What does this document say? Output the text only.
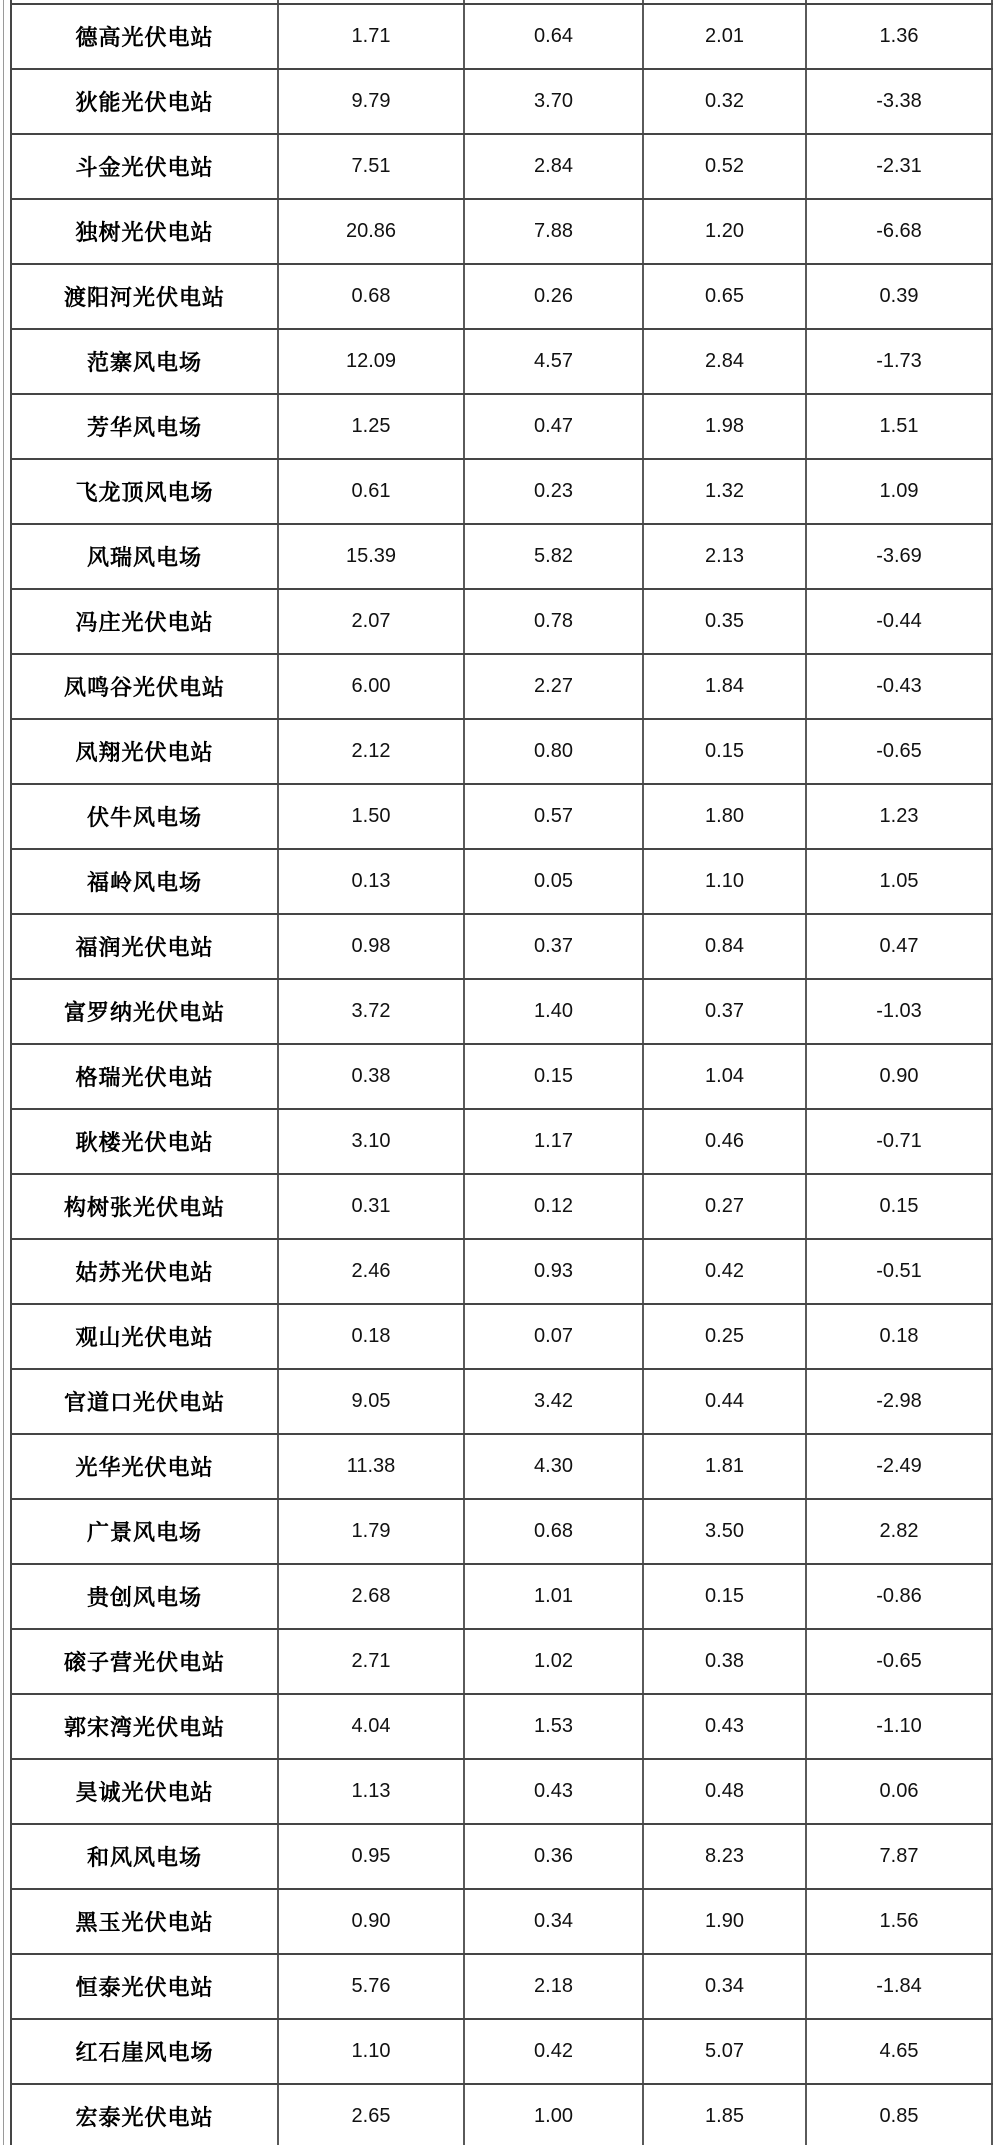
德高光伏电站	1.71	0.64	2.01	1.36
狄能光伏电站	9.79	3.70	0.32	-3.38
斗金光伏电站	7.51	2.84	0.52	-2.31
独树光伏电站	20.86	7.88	1.20	-6.68
渡阳河光伏电站	0.68	0.26	0.65	0.39
范寨风电场	12.09	4.57	2.84	-1.73
芳华风电场	1.25	0.47	1.98	1.51
飞龙顶风电场	0.61	0.23	1.32	1.09
风瑞风电场	15.39	5.82	2.13	-3.69
冯庄光伏电站	2.07	0.78	0.35	-0.44
凤鸣谷光伏电站	6.00	2.27	1.84	-0.43
凤翔光伏电站	2.12	0.80	0.15	-0.65
伏牛风电场	1.50	0.57	1.80	1.23
福岭风电场	0.13	0.05	1.10	1.05
福润光伏电站	0.98	0.37	0.84	0.47
富罗纳光伏电站	3.72	1.40	0.37	-1.03
格瑞光伏电站	0.38	0.15	1.04	0.90
耿楼光伏电站	3.10	1.17	0.46	-0.71
构树张光伏电站	0.31	0.12	0.27	0.15
姑苏光伏电站	2.46	0.93	0.42	-0.51
观山光伏电站	0.18	0.07	0.25	0.18
官道口光伏电站	9.05	3.42	0.44	-2.98
光华光伏电站	11.38	4.30	1.81	-2.49
广景风电场	1.79	0.68	3.50	2.82
贵创风电场	2.68	1.01	0.15	-0.86
磙子营光伏电站	2.71	1.02	0.38	-0.65
郭宋湾光伏电站	4.04	1.53	0.43	-1.10
昊诚光伏电站	1.13	0.43	0.48	0.06
和风风电场	0.95	0.36	8.23	7.87
黑玉光伏电站	0.90	0.34	1.90	1.56
恒泰光伏电站	5.76	2.18	0.34	-1.84
红石崖风电场	1.10	0.42	5.07	4.65
宏泰光伏电站	2.65	1.00	1.85	0.85
